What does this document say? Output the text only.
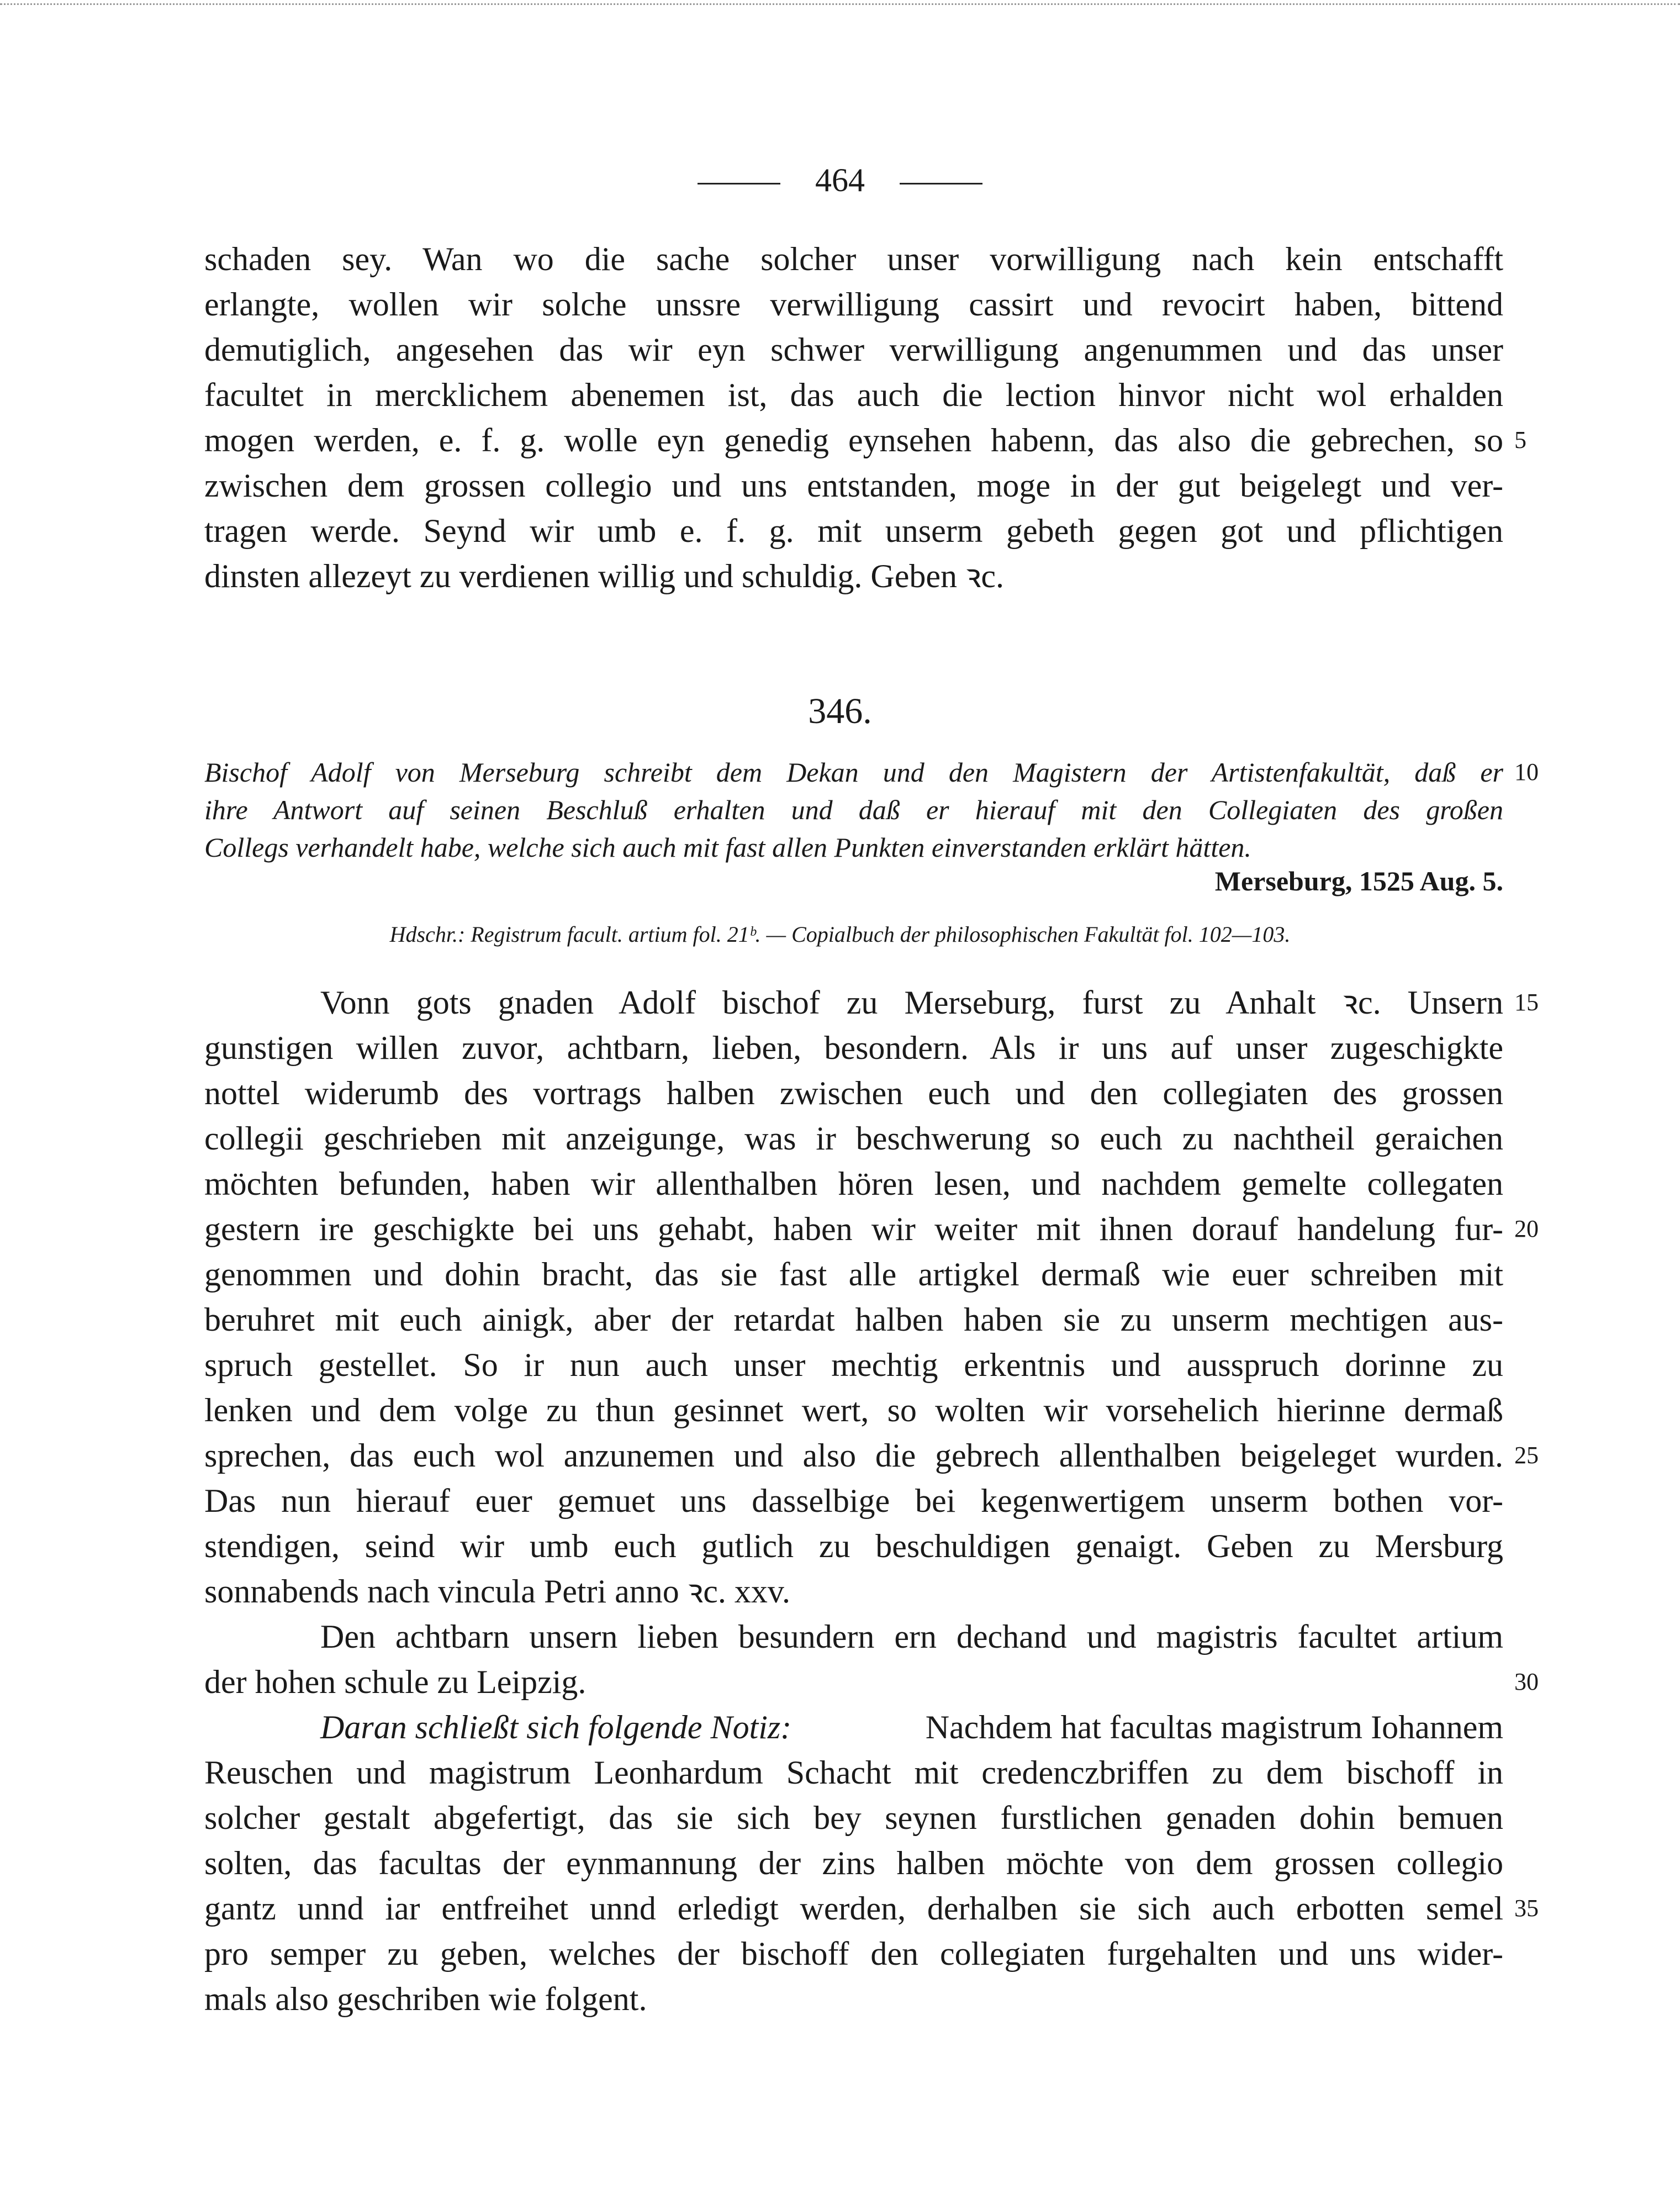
464
schaden sey. Wan wo die sache solcher unser vorwilligung nach kein entschafft
erlangte, wollen wir solche unssre verwilligung cassirt und revocirt haben, bittend
demutiglich, angesehen das wir eyn schwer verwilligung angenummen und das unser
facultet in mercklichem abenemen ist, das auch die lection hinvor nicht wol erhalden
mogen werden, e. f. g. wolle eyn genedig eynsehen habenn, das also die gebrechen, so 5
zwischen dem grossen collegio und uns entstanden, moge in der gut beigelegt und ver-
tragen werde. Seynd wir umb e. f. g. mit unserm gebeth gegen got und pflichtigen
dinsten allezeyt zu verdienen willig und schuldig. Geben ꝛc.
346.
Bischof Adolf von Merseburg schreibt dem Dekan und den Magistern der Artistenfakultät, daß er 10
ihre Antwort auf seinen Beschluß erhalten und daß er hierauf mit den Collegiaten des großen
Collegs verhandelt habe, welche sich auch mit fast allen Punkten einverstanden erklärt hätten.
Merseburg, 1525 Aug. 5.
Hdschr.: Registrum facult. artium fol. 21ᵇ. — Copialbuch der philosophischen Fakultät fol. 102—103.
Vonn gots gnaden Adolf bischof zu Merseburg, furst zu Anhalt ꝛc. Unsern 15
gunstigen willen zuvor, achtbarn, lieben, besondern. Als ir uns auf unser zugeschigkte
nottel widerumb des vortrags halben zwischen euch und den collegiaten des grossen
collegii geschrieben mit anzeigunge, was ir beschwerung so euch zu nachtheil geraichen
möchten befunden, haben wir allenthalben hören lesen, und nachdem gemelte collegaten
gestern ire geschigkte bei uns gehabt, haben wir weiter mit ihnen dorauf handelung fur- 20
genommen und dohin bracht, das sie fast alle artigkel dermaß wie euer schreiben mit
beruhret mit euch ainigk, aber der retardat halben haben sie zu unserm mechtigen aus-
spruch gestellet. So ir nun auch unser mechtig erkentnis und ausspruch dorinne zu
lenken und dem volge zu thun gesinnet wert, so wolten wir vorsehelich hierinne dermaß
sprechen, das euch wol anzunemen und also die gebrech allenthalben beigeleget wurden. 25
Das nun hierauf euer gemuet uns dasselbige bei kegenwertigem unserm bothen vor-
stendigen, seind wir umb euch gutlich zu beschuldigen genaigt. Geben zu Mersburg
sonnabends nach vincula Petri anno ꝛc. xxv.
Den achtbarn unsern lieben besundern ern dechand und magistris facultet artium
der hohen schule zu Leipzig.	30
Daran schließt sich folgende Notiz:	Nachdem hat facultas magistrum Iohannem
Reuschen und magistrum Leonhardum Schacht mit credenczbriffen zu dem bischoff in
solcher gestalt abgefertigt, das sie sich bey seynen furstlichen genaden dohin bemuen
solten, das facultas der eynmannung der zins halben möchte von dem grossen collegio
gantz unnd iar entfreihet unnd erledigt werden, derhalben sie sich auch erbotten semel 35
pro semper zu geben, welches der bischoff den collegiaten furgehalten und uns wider-
mals also geschriben wie folgent.
